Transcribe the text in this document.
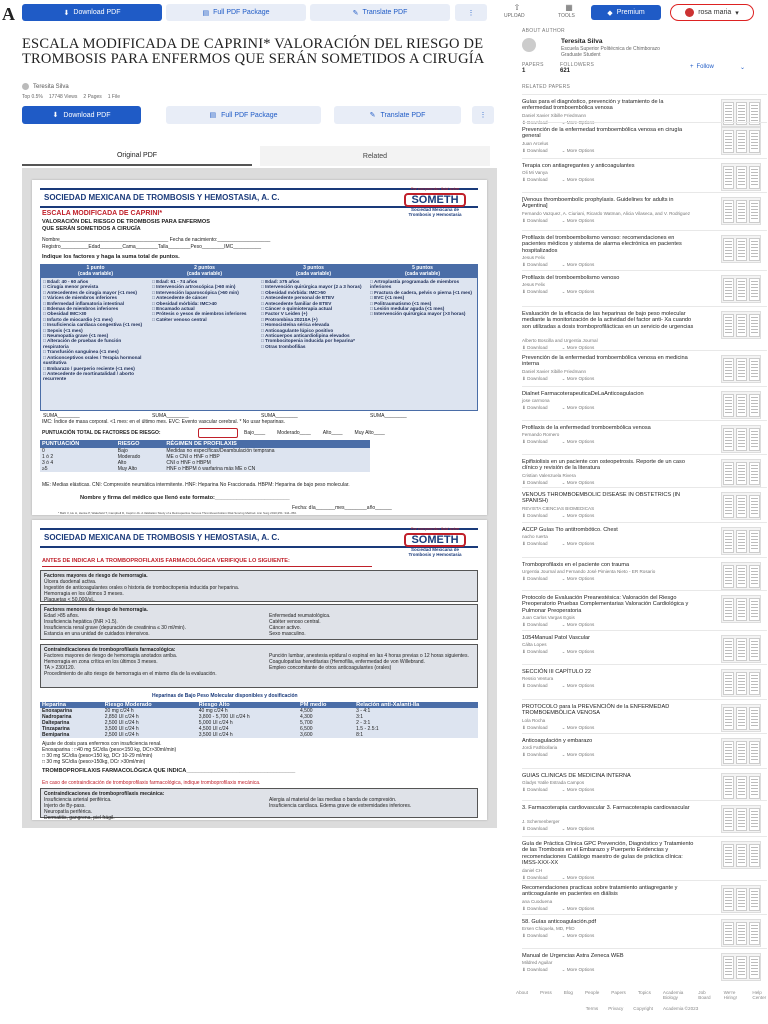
A	⬇ Download PDF	▤ Full PDF Package	✎ Translate PDF	⋮
⇧
UPLOAD
▦
TOOLS	◆ Premium	rosa maria ▾
ESCALA MODIFICADA DE CAPRINI* VALORACIÓN DEL RIESGO DE TROMBOSIS PARA ENFERMOS QUE SERÁN SOMETIDOS A CIRUGÍA
Teresita Silva
Top 0.5% 17748 Views 2 Pages 1 File
⬇ Download PDF	▤ Full PDF Package	✎ Translate PDF	⋮
Original PDF	Related
SOCIEDAD MEXICANA DE TROMBOSIS Y HEMOSTASIA, A. C.
Por compromiso fluid sober
SOMETH
Sociedad Mexicana de
Trombosis y Hemostasia
ESCALA MODIFICADA DE CAPRINI*
VALORACIÓN DEL RIESGO DE TROMBOSIS PARA ENFERMOS
QUE SERÁN SOMETIDOS A CIRUGÍA
Nombre_______________________________________ Fecha de nacimiento:___________________
Registro__________Edad________Cama________Talla________Peso________IMC__________
Indique los factores y haga la suma total de puntos.
1 punto
(cada variable)
□ Edad: 40 - 60 años
□ Cirugía menor prevista
□ Antecedentes de cirugía mayor (<1 mes)
□ Várices de miembros inferiores
□ Enfermedad inflamatoria intestinal
□ Edemas de miembros inferiores
□ Obesidad IMC>30
□ Infarto de miocardio (<1 mes)
□ Insuficiencia cardiaca congestiva (<1 mes)
□ Sepsis (<1 mes)
□ Neumopatía grave (<1 mes)
□ Alteración de pruebas de función respiratoria
□ Transfusión sanguínea (<1 mes)
□ Anticonceptivos orales / Terapia hormonal sustitutiva
□ Embarazo / puerperio reciente (<1 mes)
□ Antecedente de mortinatalidad / aborto recurrente
SUMA________
2 puntos
(cada variable)
□ Edad: 61 - 74 años
□ Intervención artroscópica (>60 min)
□ Intervención laparoscópica (>60 min)
□ Antecedente de cáncer
□ Obesidad mórbida: IMC>40
□ Encamado actual
□ Prótesis o yesos de miembros inferiores
□ Catéter venoso central
SUMA________
3 puntos
(cada variable)
□ Edad: ≥75 años
□ Intervención quirúrgica mayor (2 a 3 horas)
□ Obesidad mórbida: IMC>50
□ Antecedente personal de ETEV
□ Antecedente familiar de ETEV
□ Cáncer o quimioterapia actual
□ Factor V Leiden (+)
□ Protrombina 20210A (+)
□ Homocisteína sérica elevada
□ Anticoagulante lúpico positivo
□ Anticuerpos anticardiolipina elevados
□ Trombocitopenia inducida por heparina*
□ Otras trombofilias
SUMA________
5 puntos
(cada variable)
□ Artroplastía programada de miembros inferiores
□ Fractura de cadera, pelvis o pierna (<1 mes)
□ EVC (<1 mes)
□ Politraumatismo (<1 mes)
□ Lesión medular aguda (<1 mes)
□ Intervención quirúrgica mayor (>3 horas)
SUMA________
IMC: Índice de masa corporal. <1 mes: en el último mes. EVC: Evento vascular cerebral. * No usar heparinas.
PUNTUACIÓN TOTAL DE FACTORES DE RIESGO:	Bajo____ Moderado____ Alto____ Muy Alto____
PUNTUACIÓN	RIESGO	RÉGIMEN DE PROFILAXIS
0	Bajo	Medidas no específicas/Deambulación temprana
1 ó 2	Moderado	ME o CNI o HNF o HBP
3 ó 4	Alto	CNI o HNF o HBPM
≥5	Muy Alto	HNF o HBPM ó warfarina más ME o CN
ME: Medias elásticas. CNI: Compresión neumática intermitente. HNF: Heparina No Fraccionada. HBPM: Heparina de bajo peso molecular.
Nombre y firma del médico que llenó este formato:________________________
Fecha: día_______mes________año______
* Bahl V, Hu H, Henke P, Wakefield T, Campbell D, Caprini JA. A Validation Study of a Retrospective Venous Thromboembolism Risk Scoring Method. Ann Surg 2010;251: 344–350.
SOCIEDAD MEXICANA DE TROMBOSIS Y HEMOSTASIA, A. C.
Por compromiso fluid sober
SOMETH
Sociedad Mexicana de
Trombosis y Hemostasia
ANTES DE INDICAR LA TROMBOPROFILAXIS FARMACOLÓGICA VERIFIQUE LO SIGUIENTE:
Factores mayores de riesgo de hemorragia.
Úlcera duodenal activa.
Ingestión de anticoagulantes orales o historia de trombocitopenia inducida por heparina.
Hemorragia en los últimos 3 meses.
Plaquetas < 50,000/uL.
Factores menores de riesgo de hemorragia.
Edad >85 años.
Insuficiencia hepática (INR >1.5).
Insuficiencia renal grave (depuración de creatinina ≤ 30 ml/min).
Estancia en una unidad de cuidados intensivos.
Enfermedad reumatológica.
Catéter venoso central.
Cáncer activo.
Sexo masculino.
Contraindicaciones de tromboprofilaxis farmacológica:
Factores mayores de riesgo de hemorragia anotados arriba.
Hemorragia en zona crítica en los últimos 3 meses.
TA > 230/120.
Procedimiento de alto riesgo de hemorragia en el mismo día de la evaluación.
Punción lumbar, anestesia epidural o espinal en las 4 horas previas o 12 horas siguientes.
Coagulopatías hereditarias (Hemofilia, enfermedad de von Willebrand.
Empleo concomitante de otros anticoagulantes (orales)
Heparinas de Bajo Peso Molecular disponibles y dosificación
Heparina	Riesgo Moderado	Riesgo Alto	PM medio	Relación anti-Xa/anti-IIa
Enoxaparina	20 mg c/24 h	40 mg c/24 h	4,500	3 - 4:1
Nadroparina	2,850 UI c/24 h	3,800 - 5,700 UI c/24 h	4,300	3:1
Dalteparina	2,500 UI c/24 h	5,000 UI c/24 h	5,700	2 - 3:1
Tinzaparina	3,500 UI c/24 h	4,500 UI c/24	6,500	1.5 - 2.5:1
Bemiparina	2,500 UI c/24 h	3,500 UI c/24 h	3,600	8:1
Ajuste de dosis para enfermos con insuficiencia renal.
Enoxaparina : □40 mg SC/día (peso<150 kg, DCr>30ml/min)
□ 30 mg SC/día (peso<150 kg, DCr 10-29 ml/min)
□ 30 mg SC/día (peso>150kg, DCr >30ml/min)
TROMBOPROFILAXIS FARMACOLÓGICA QUE INDICA___________________________________
En caso de contraindicación de tromboprofilaxis farmacológica, indique tromboprofilaxis mecánica.
Contraindicaciones de tromboprofilaxis mecánica:
Insuficiencia arterial periférica.
Injerto de By-pass.
Neuropatía periférica.
Dermatitis, gangrena, piel frágil.
Alergia al material de las medias o banda de compresión.
Insuficiencia cardíaca. Edema grave de extremidades inferiores.
ABOUT AUTHOR
Teresita Silva
Escuela Superior Politécnica de Chimborazo
Graduate Student
PAPERS
1
FOLLOWERS
621
+ Follow	⌄
RELATED PAPERS
Guías para el diagnóstico, prevención y tratamiento de la enfermedad tromboembólica venosa
Daniel Xavier Xibille Friedmann
⬇ Download	⌄ More Options
Prevención de la enfermedad tromboembólica venosa en cirugía general
Juan Arcelus
⬇ Download	⌄ More Options
Terapia con antiagregantes y anticoagulantes
Oli Mi Vanya
⬇ Download	⌄ More Options
[Venous thromboembolic prophylaxis. Guidelines for adults in Argentina]
Fernando Vazquez, A. Ciuriani, Ricardo Watman, Alicia Vilaseca, and V. Rodriguez
⬇ Download	⌄ More Options
Profilaxis del tromboembolismo venoso: recomendaciones en pacientes médicos y sistema de alarma electrónica en pacientes hospitalizados
Jesus Felix
⬇ Download	⌄ More Options
Profilaxis del tromboembolismo venoso
Jesus Felix
⬇ Download	⌄ More Options
Evaluación de la eficacia de las heparinas de bajo peso molecular mediante la monitorización de la actividad del factor anti- Xa cuando son utilizadas a dosis tromboprofilácticas en un servicio de urgencias
Alberto Boscilla and Urgentia Journal
⬇ Download	⌄ More Options
Prevención de la enfermedad tromboembólica venosa en medicina interna
Daniel Xavier Xibille Friedmann
⬇ Download	⌄ More Options
Dialnet FarmacoterapeuticaDeLaAnticoagulacion
jose carmona
⬇ Download	⌄ More Options
Profilaxis de la enfermedad tromboembólica venosa
Fernando Romero
⬇ Download	⌄ More Options
Epifisiolisis en un paciente con osteopetrosis. Reporte de un caso clínico y revisión de la literatura
Cristian Valenzuela Rivera
⬇ Download	⌄ More Options
VENOUS THROMBOEMBOLIC DISEASE IN OBSTETRICS (IN SPANISH)
REVISTA CIENCIAS BIOMEDICAS
⬇ Download	⌄ More Options
ACCP Guías Tto antitrombótico. Chest
nacho ruerta
⬇ Download	⌄ More Options
Tromboprofilaxis en el paciente con trauma
Urgentia Journal and Fernando José Pimienta Nieto - ER Rosario
⬇ Download	⌄ More Options
Protocolo de Evaluación Preanestésica: Valoración del Riesgo Preoperatorio Pruebas Complementarias Valoración Cardiológica y Pulmonar Preoperatoria
Juan Carlos Vargas Egüis
⬇ Download	⌄ More Options
1054Manual Patol Vascular
Cálta Lopes
⬇ Download	⌄ More Options
SECCIÓN III CAPÍTULO 22
Ressio Ventura
⬇ Download	⌄ More Options
PROTOCOLO para la PREVENCIÓN de la ENFERMEDAD TROMBOEMBÓLICA VENOSA
Lola Rocha
⬇ Download	⌄ More Options
Anticoagulación y embarazo
Jordi Fathbollaria
⬇ Download	⌄ More Options
GUIAS CLINICAS DE MEDICINA INTERNA
Gladys Yatile Estrada Campos
⬇ Download	⌄ More Options
3. Farmacoterapia cardiovascular 3. Farmacoterapia cardiovascular
J. Schemenberger
⬇ Download	⌄ More Options
Guía de Práctica Clínica GPC Prevención, Diagnóstico y Tratamiento de las Trombosis en el Embarazo y Puerperio Evidencias y recomendaciones Catálogo maestro de guías de práctica clínica: IMSS-XXX-XX
daniel CH
⬇ Download	⌄ More Options
Recomendaciones practicas sobre tratamiento antiagregante y anticoagulante en pacientes en diálisis
ana Cuoduena
⬇ Download	⌄ More Options
58. Guías anticoagulación.pdf
Ersen Chiquela, MD, PhD
⬇ Download	⌄ More Options
Manual de Urgencias Astra Zeneca WEB
Mildred Aguilar
⬇ Download	⌄ More Options
About	Press	Blog	People	Papers	Topics	Academia Biology
Job Board
We're Hiring!
Help Center
Terms Privacy Copyright Academia ©2023
